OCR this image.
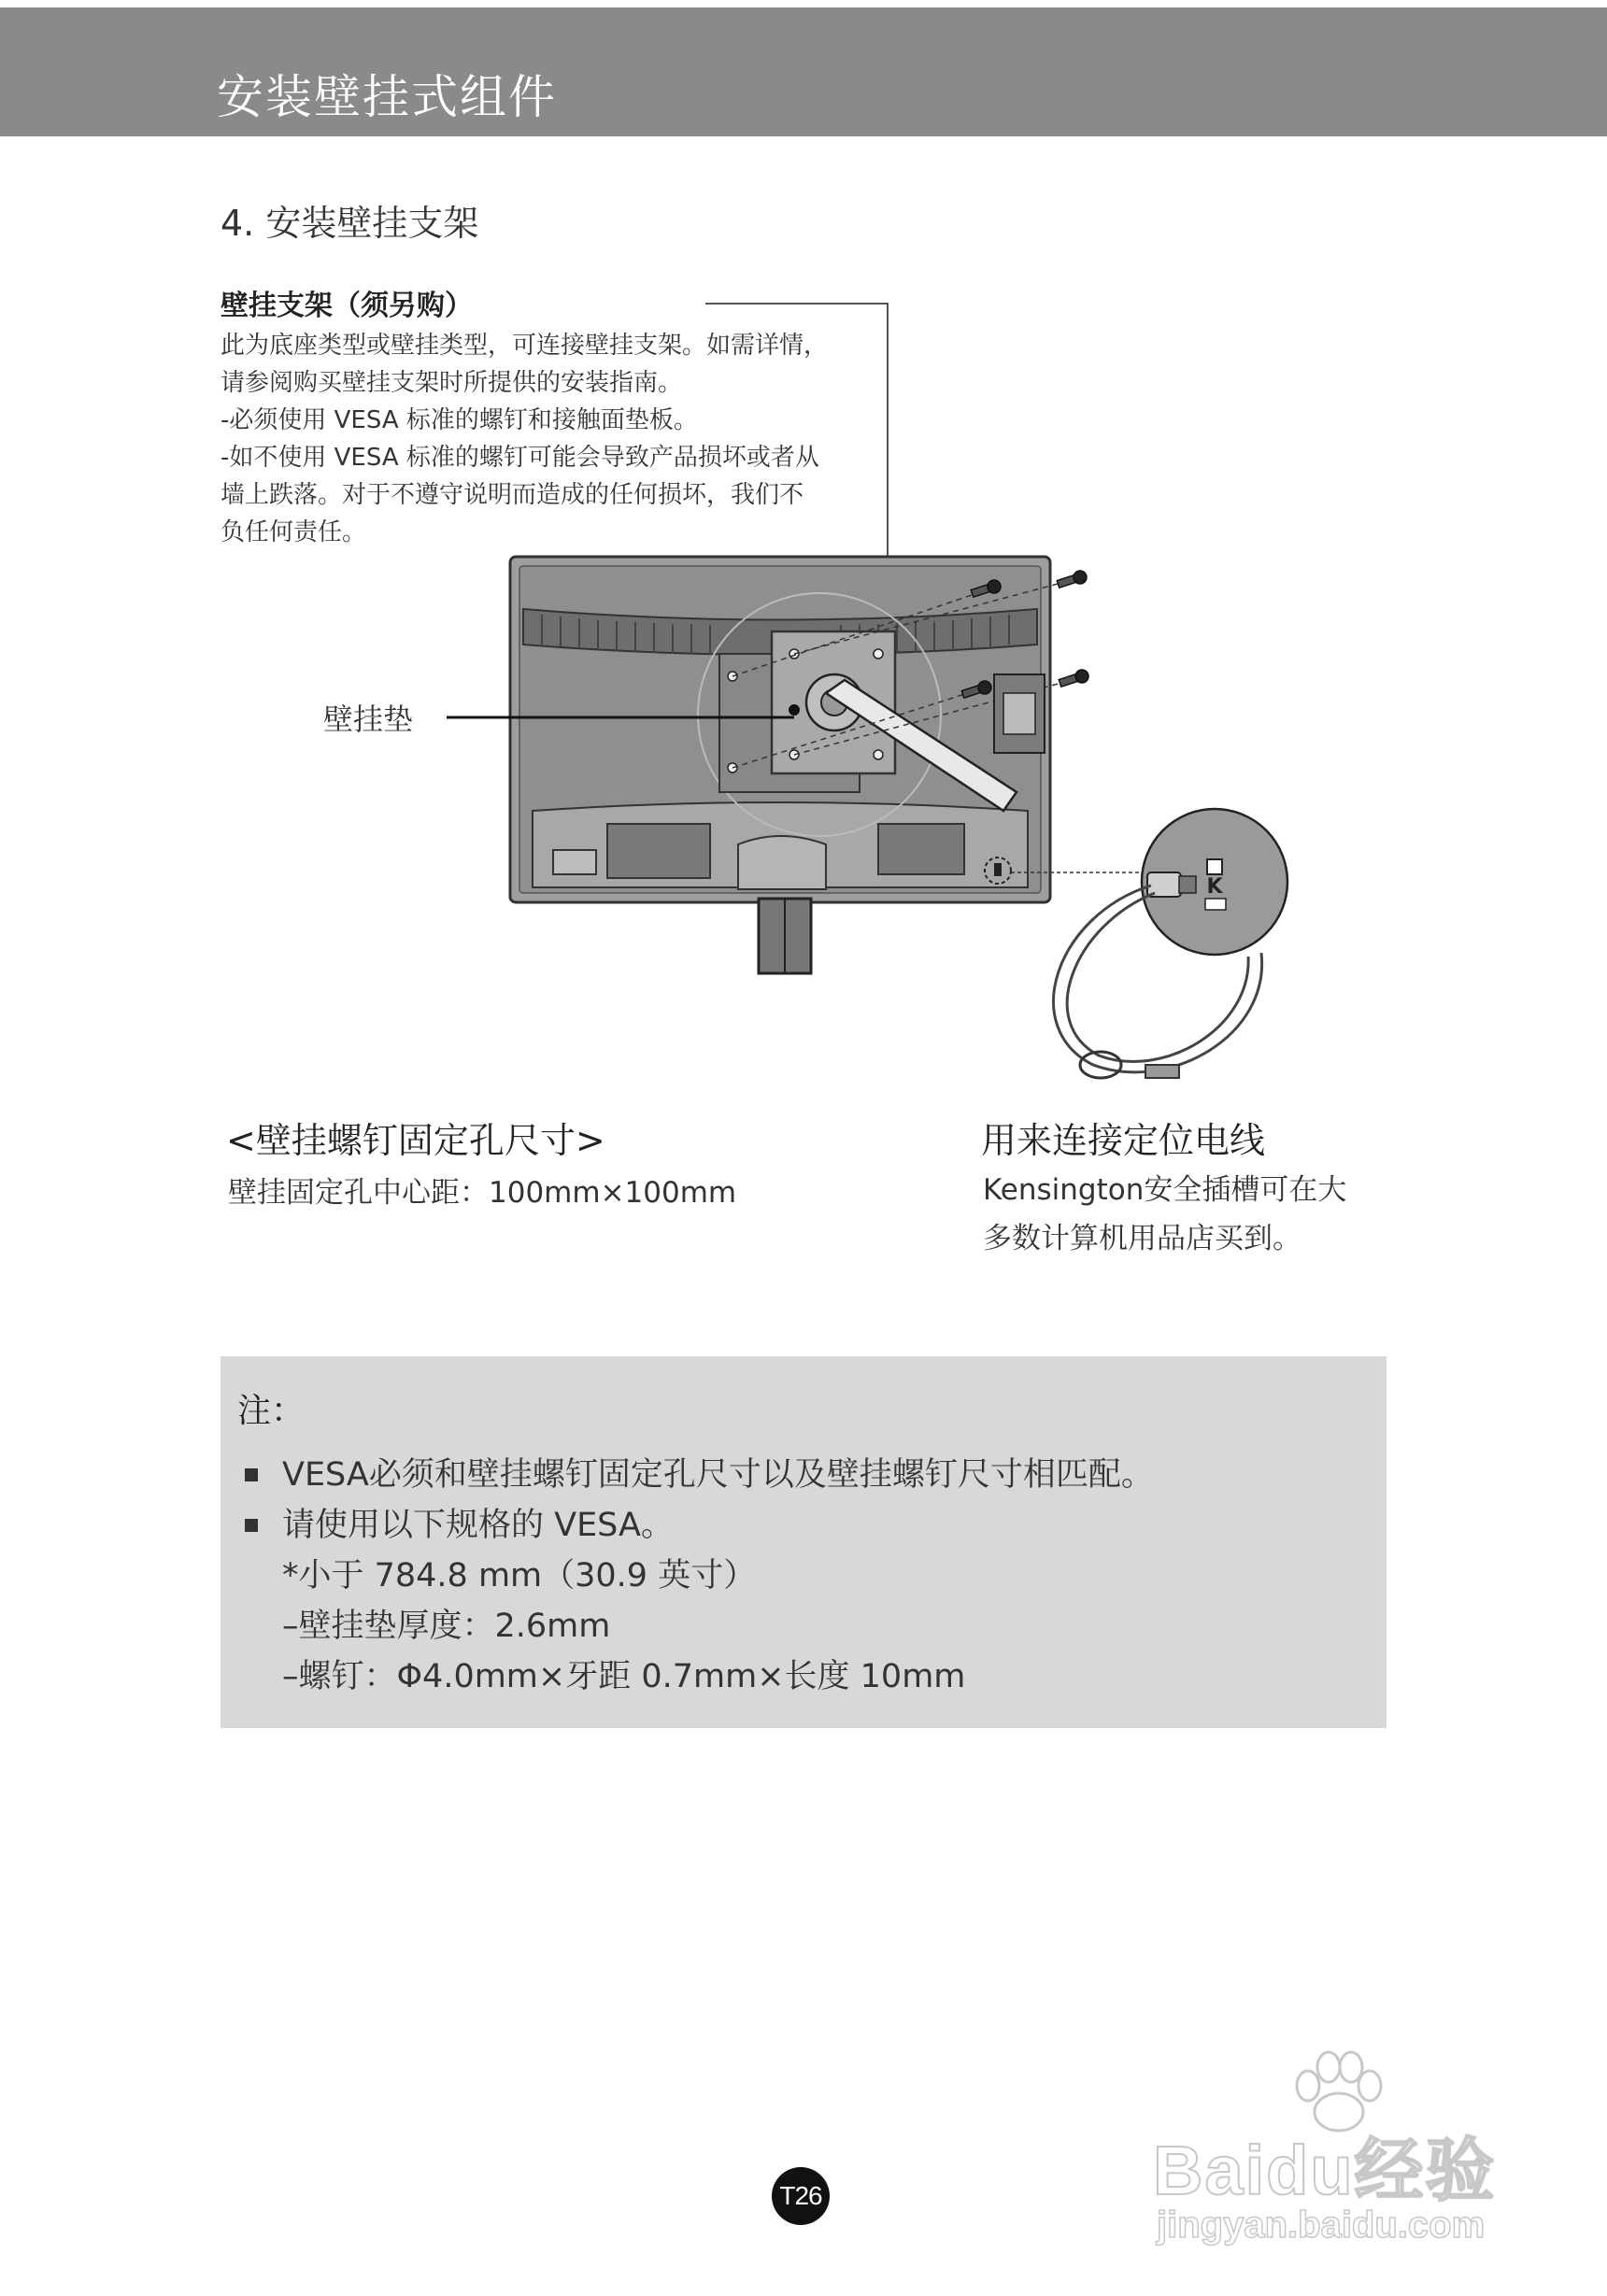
安装壁挂式组件
4. 安装壁挂支架
壁挂支架（须另购）
此为底座类型或壁挂类型，可连接壁挂支架。如需详情，
请参阅购买壁挂支架时所提供的安装指南。
-必须使用 VESA 标准的螺钉和接触面垫板。
-如不使用 VESA 标准的螺钉可能会导致产品损坏或者从
墙上跌落。对于不遵守说明而造成的任何损坏，我们不
负任何责任。
K
壁挂垫
<壁挂螺钉固定孔尺寸>
壁挂固定孔中心距：100mm×100mm
用来连接定位电线
Kensington安全插槽可在大
多数计算机用品店买到。
注：
VESA必须和壁挂螺钉固定孔尺寸以及壁挂螺钉尺寸相匹配。
请使用以下规格的 VESA。
*小于 784.8 mm（30.9 英寸）
–壁挂垫厚度：2.6mm
–螺钉：Φ4.0mm×牙距 0.7mm×长度 10mm
T26	Baidu经验
jingyan.baidu.com
